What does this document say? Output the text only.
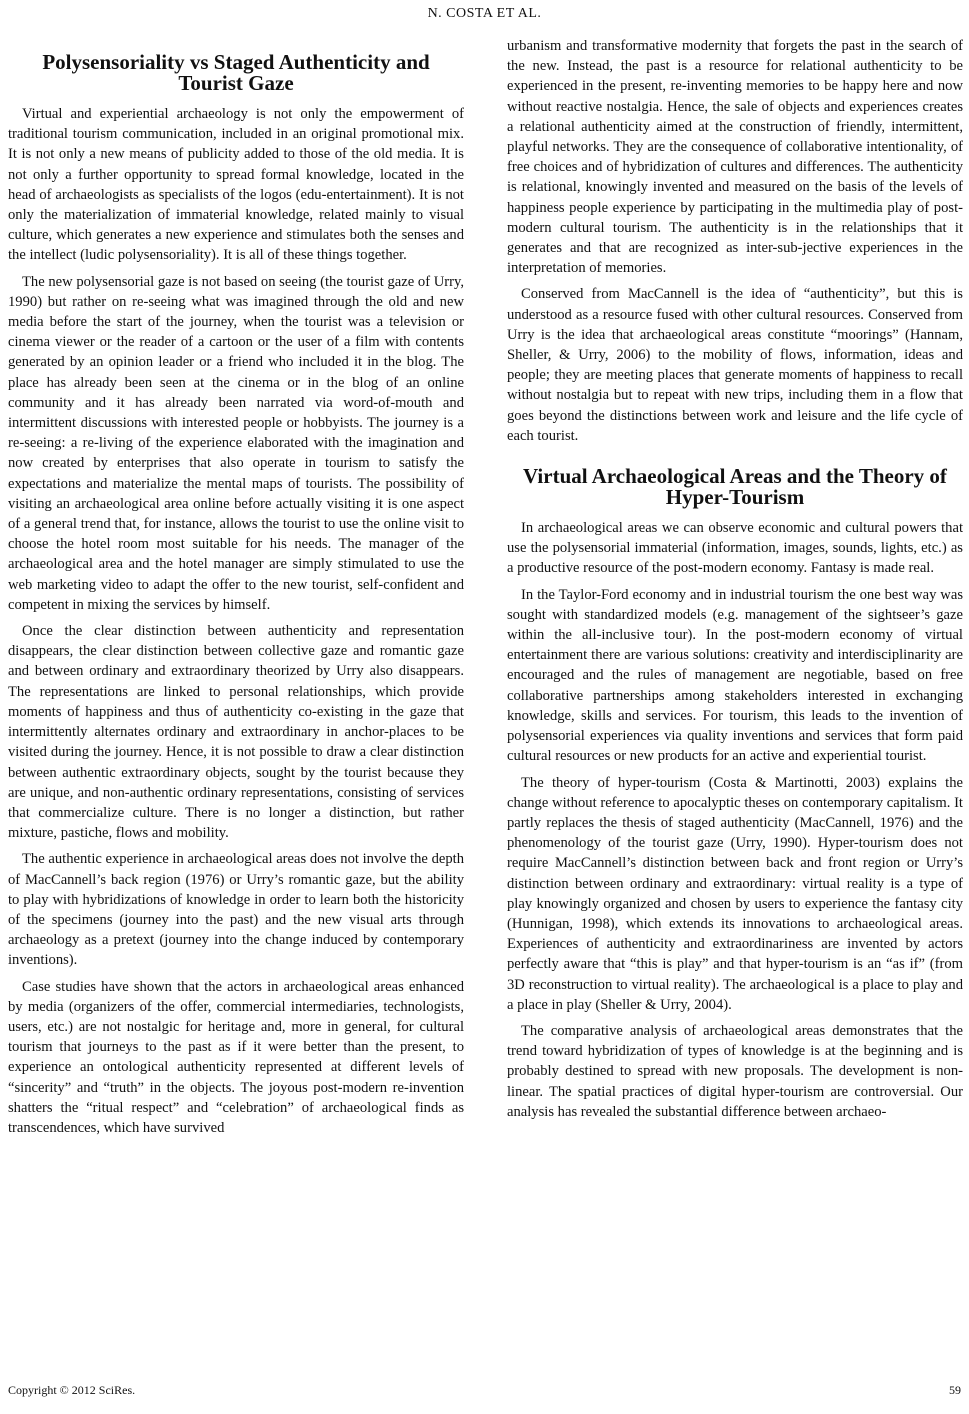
N. COSTA ET AL.
Polysensoriality vs Staged Authenticity and Tourist Gaze

Virtual and experiential archaeology is not only the empowerment of traditional tourism communication, included in an original promotional mix. It is not only a new means of publicity added to those of the old media. It is not only a further opportunity to spread formal knowledge, located in the head of archaeologists as specialists of the logos (edu-entertainment). It is not only the materialization of immaterial knowledge, related mainly to visual culture, which generates a new experience and stimulates both the senses and the intellect (ludic polysensoriality). It is all of these things together.

The new polysensorial gaze is not based on seeing (the tourist gaze of Urry, 1990) but rather on re-seeing what was imagined through the old and new media before the start of the journey, when the tourist was a television or cinema viewer or the reader of a cartoon or the user of a film with contents generated by an opinion leader or a friend who included it in the blog. The place has already been seen at the cinema or in the blog of an online community and it has already been narrated via word-of-mouth and intermittent discussions with interested people or hobbyists. The journey is a re-seeing: a re-living of the experience elaborated with the imagination and now created by enterprises that also operate in tourism to satisfy the expectations and materialize the mental maps of tourists. The possibility of visiting an archaeological area online before actually visiting it is one aspect of a general trend that, for instance, allows the tourist to use the online visit to choose the hotel room most suitable for his needs. The manager of the archaeological area and the hotel manager are simply stimulated to use the web marketing video to adapt the offer to the new tourist, self-confident and competent in mixing the services by himself.

Once the clear distinction between authenticity and representation disappears, the clear distinction between collective gaze and romantic gaze and between ordinary and extraordinary theorized by Urry also disappears. The representations are linked to personal relationships, which provide moments of happiness and thus of authenticity co-existing in the gaze that intermittently alternates ordinary and extraordinary in anchor-places to be visited during the journey. Hence, it is not possible to draw a clear distinction between authentic extraordinary objects, sought by the tourist because they are unique, and non-authentic ordinary representations, consisting of services that commercialize culture. There is no longer a distinction, but rather mixture, pastiche, flows and mobility.

The authentic experience in archaeological areas does not involve the depth of MacCannell’s back region (1976) or Urry’s romantic gaze, but the ability to play with hybridizations of knowledge in order to learn both the historicity of the specimens (journey into the past) and the new visual arts through archaeology as a pretext (journey into the change induced by contemporary inventions).

Case studies have shown that the actors in archaeological areas enhanced by media (organizers of the offer, commercial intermediaries, technologists, users, etc.) are not nostalgic for heritage and, more in general, for cultural tourism that journeys to the past as if it were better than the present, to experience an ontological authenticity represented at different levels of “sincerity” and “truth” in the objects. The joyous post-modern re-invention shatters the “ritual respect” and “celebration” of archaeological finds as transcendences, which have survived

urbanism and transformative modernity that forgets the past in the search of the new. Instead, the past is a resource for relational authenticity to be experienced in the present, re-inventing memories to be happy here and now without reactive nostalgia. Hence, the sale of objects and experiences creates a relational authenticity aimed at the construction of friendly, intermittent, playful networks. They are the consequence of collaborative intentionality, of free choices and of hybridization of cultures and differences. The authenticity is relational, knowingly invented and measured on the basis of the levels of happiness people experience by participating in the multimedia play of post-modern cultural tourism. The authenticity is in the relationships that it generates and that are recognized as inter-sub-jective experiences in the interpretation of memories.

Conserved from MacCannell is the idea of “authenticity”, but this is understood as a resource fused with other cultural resources. Conserved from Urry is the idea that archaeological areas constitute “moorings” (Hannam, Sheller, & Urry, 2006) to the mobility of flows, information, ideas and people; they are meeting places that generate moments of happiness to recall without nostalgia but to repeat with new trips, including them in a flow that goes beyond the distinctions between work and leisure and the life cycle of each tourist.

Virtual Archaeological Areas and the Theory of Hyper-Tourism

In archaeological areas we can observe economic and cultural powers that use the polysensorial immaterial (information, images, sounds, lights, etc.) as a productive resource of the post-modern economy. Fantasy is made real.

In the Taylor-Ford economy and in industrial tourism the one best way was sought with standardized models (e.g. management of the sightseer’s gaze within the all-inclusive tour). In the post-modern economy of virtual entertainment there are various solutions: creativity and interdisciplinarity are encouraged and the rules of management are negotiable, based on free collaborative partnerships among stakeholders interested in exchanging knowledge, skills and services. For tourism, this leads to the invention of polysensorial experiences via quality inventions and services that form paid cultural resources or new products for an active and experiential tourist.

The theory of hyper-tourism (Costa & Martinotti, 2003) explains the change without reference to apocalyptic theses on contemporary capitalism. It partly replaces the thesis of staged authenticity (MacCannell, 1976) and the phenomenology of the tourist gaze (Urry, 1990). Hyper-tourism does not require MacCannell’s distinction between back and front region or Urry’s distinction between ordinary and extraordinary: virtual reality is a type of play knowingly organized and chosen by users to experience the fantasy city (Hunnigan, 1998), which extends its innovations to archaeological areas. Experiences of authenticity and extraordinariness are invented by actors perfectly aware that “this is play” and that hyper-tourism is an “as if” (from 3D reconstruction to virtual reality). The archaeological is a place to play and a place in play (Sheller & Urry, 2004).

The comparative analysis of archaeological areas demonstrates that the trend toward hybridization of types of knowledge is at the beginning and is probably destined to spread with new proposals. The development is non-linear. The spatial practices of digital hyper-tourism are controversial. Our analysis has revealed the substantial difference between archaeo-

Copyright © 2012 SciRes.	59
